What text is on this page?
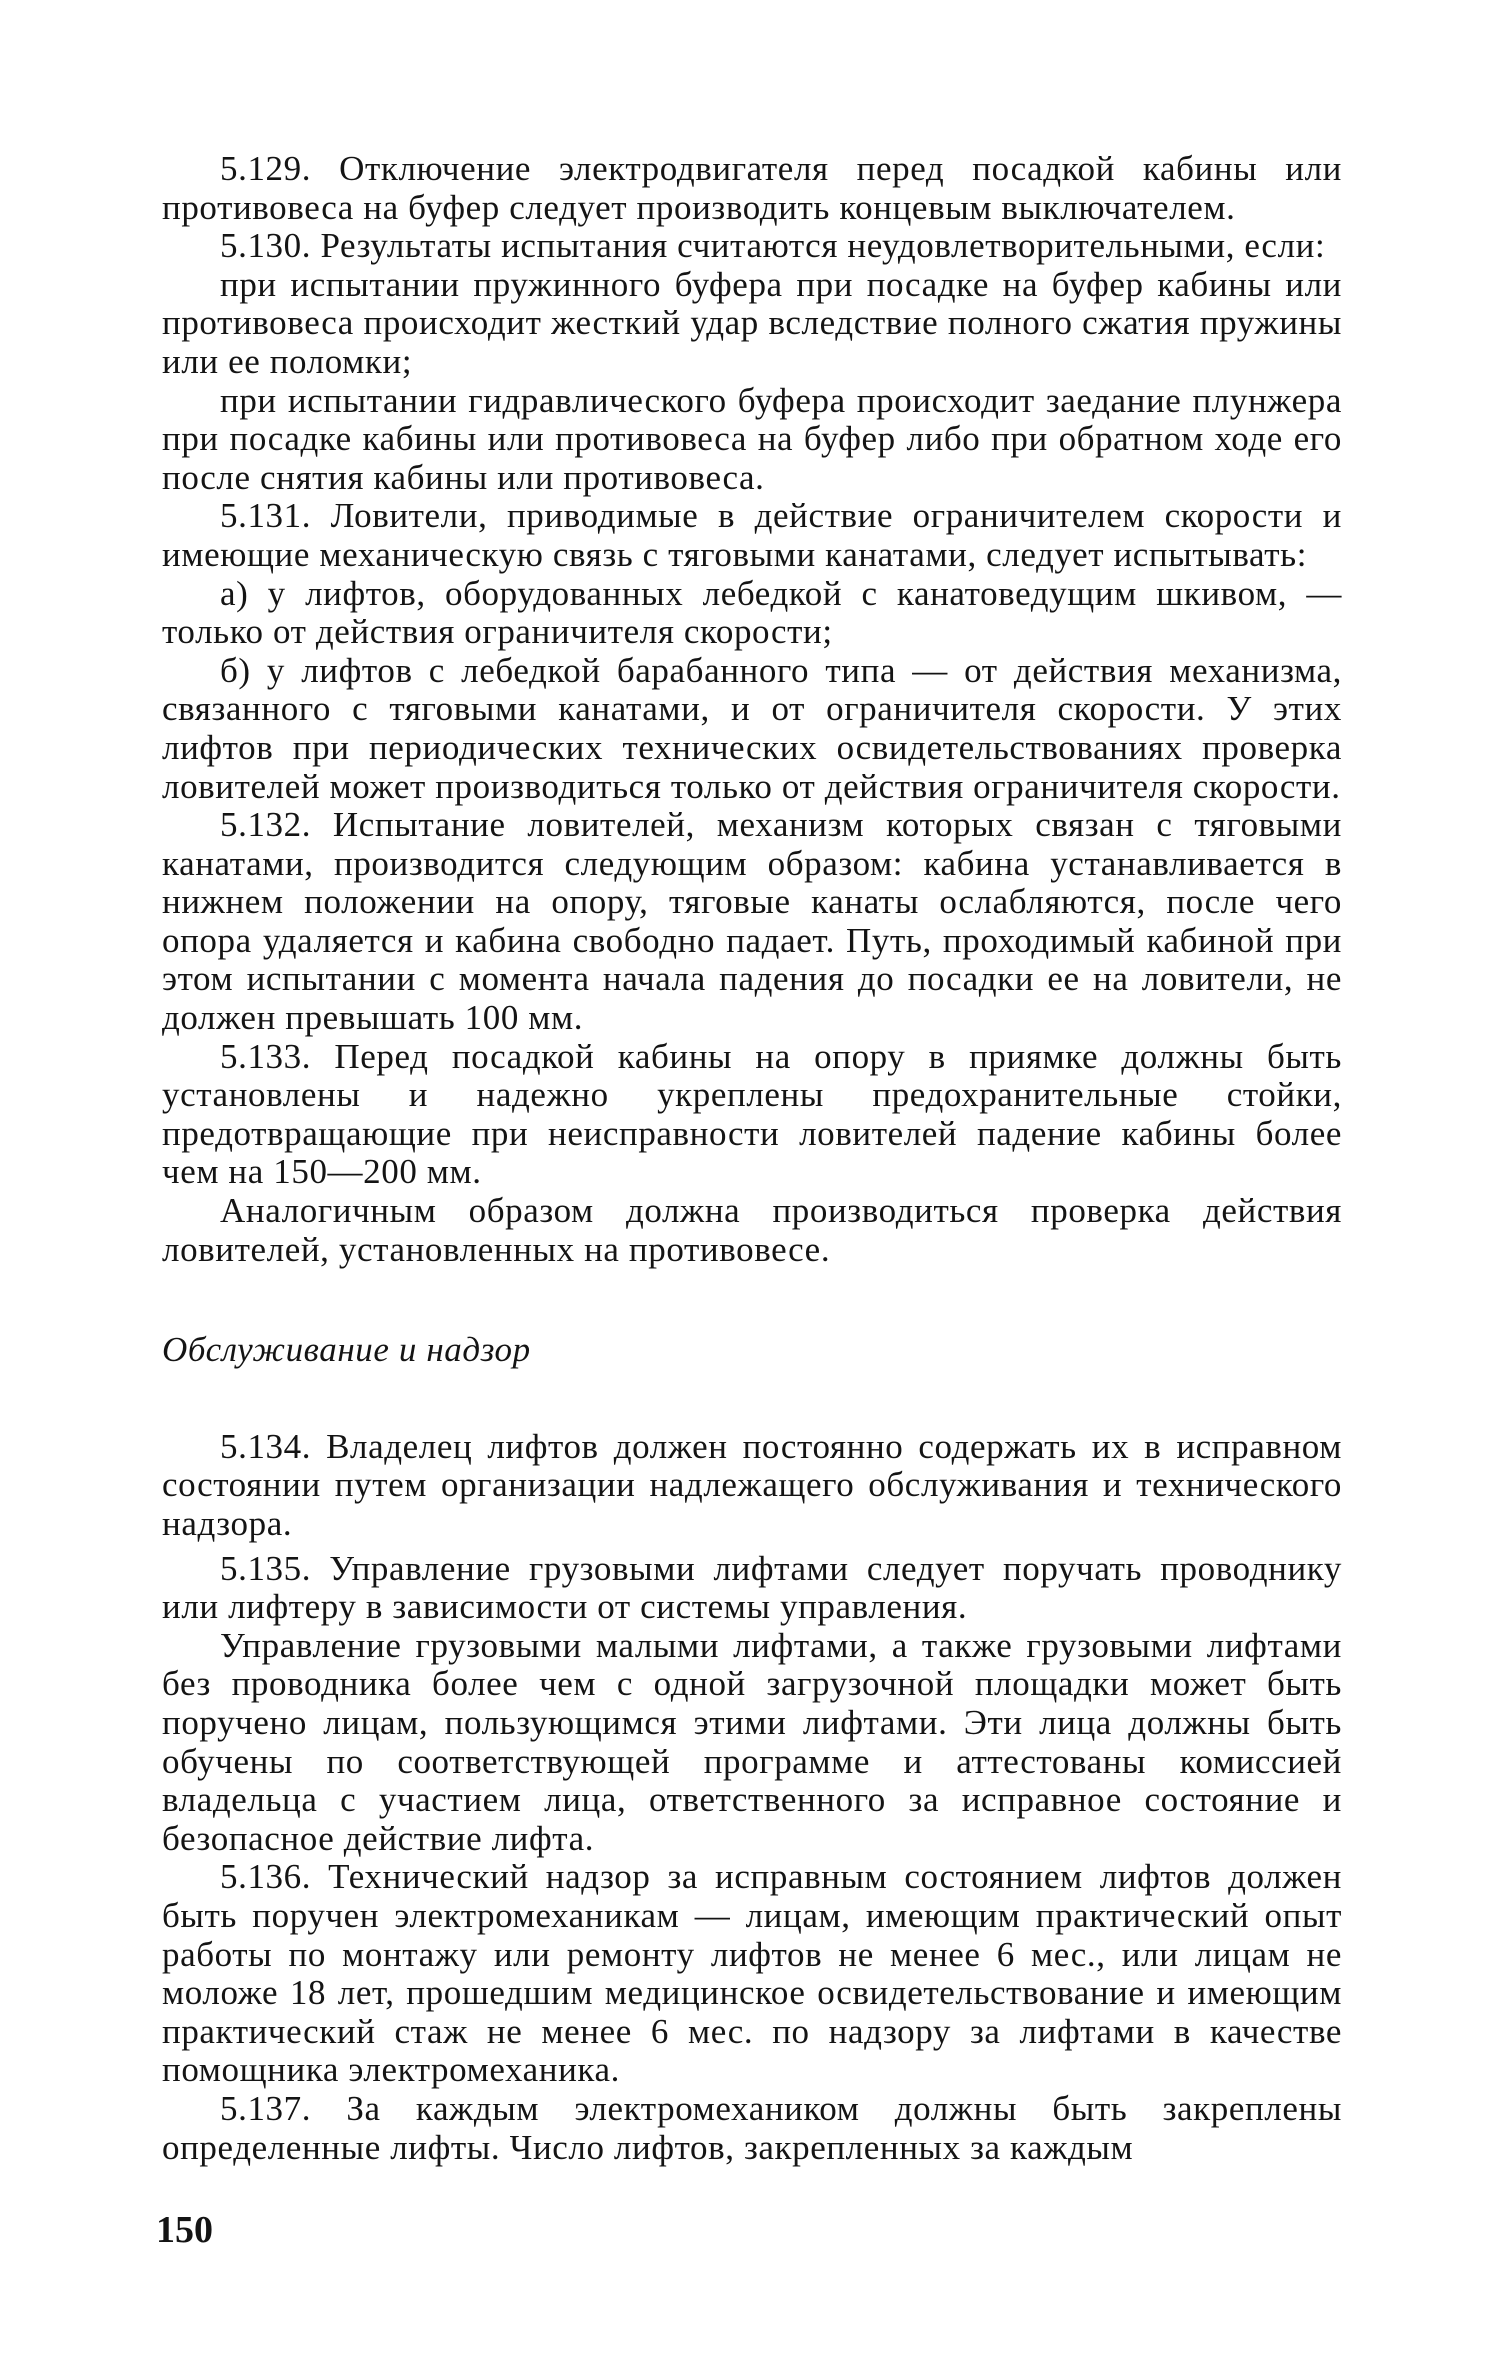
5.129. Отключение электродвигателя перед посадкой кабины или противовеса на буфер следует производить концевым выключателем.

5.130. Результаты испытания считаются неудовлетворительными, если:

при испытании пружинного буфера при посадке на буфер кабины или противовеса происходит жесткий удар вследствие полного сжатия пружины или ее поломки;

при испытании гидравлического буфера происходит заедание плунжера при посадке кабины или противовеса на буфер либо при обратном ходе его после снятия кабины или противовеса.

5.131. Ловители, приводимые в действие ограничителем скорости и имеющие механическую связь с тяговыми канатами, следует испытывать:

а) у лифтов, оборудованных лебедкой с канатоведущим шкивом, — только от действия ограничителя скорости;

б) у лифтов с лебедкой барабанного типа — от действия механизма, связанного с тяговыми канатами, и от ограничителя скорости. У этих лифтов при периодических технических освидетельствованиях проверка ловителей может производиться только от действия ограничителя скорости.

5.132. Испытание ловителей, механизм которых связан с тяговыми канатами, производится следующим образом: кабина устанавливается в нижнем положении на опору, тяговые канаты ослабляются, после чего опора удаляется и кабина свободно падает. Путь, проходимый кабиной при этом испытании с момента начала падения до посадки ее на ловители, не должен превышать 100 мм.

5.133. Перед посадкой кабины на опору в приямке должны быть установлены и надежно укреплены предохранительные стойки, предотвращающие при неисправности ловителей падение кабины более чем на 150—200 мм.

Аналогичным образом должна производиться проверка действия ловителей, установленных на противовесе.

Обслуживание и надзор

5.134. Владелец лифтов должен постоянно содержать их в исправном состоянии путем организации надлежащего обслуживания и технического надзора.

5.135. Управление грузовыми лифтами следует поручать проводнику или лифтеру в зависимости от системы управления.

Управление грузовыми малыми лифтами, а также грузовыми лифтами без проводника более чем с одной загрузочной площадки может быть поручено лицам, пользующимся этими лифтами. Эти лица должны быть обучены по соответствующей программе и аттестованы комиссией владельца с участием лица, ответственного за исправное состояние и безопасное действие лифта.

5.136. Технический надзор за исправным состоянием лифтов должен быть поручен электромеханикам — лицам, имеющим практический опыт работы по монтажу или ремонту лифтов не менее 6 мес., или лицам не моложе 18 лет, прошедшим медицинское освидетельствование и имеющим практический стаж не менее 6 мес. по надзору за лифтами в качестве помощника электромеханика.

5.137. За каждым электромехаником должны быть закреплены определенные лифты. Число лифтов, закрепленных за каждым

150
